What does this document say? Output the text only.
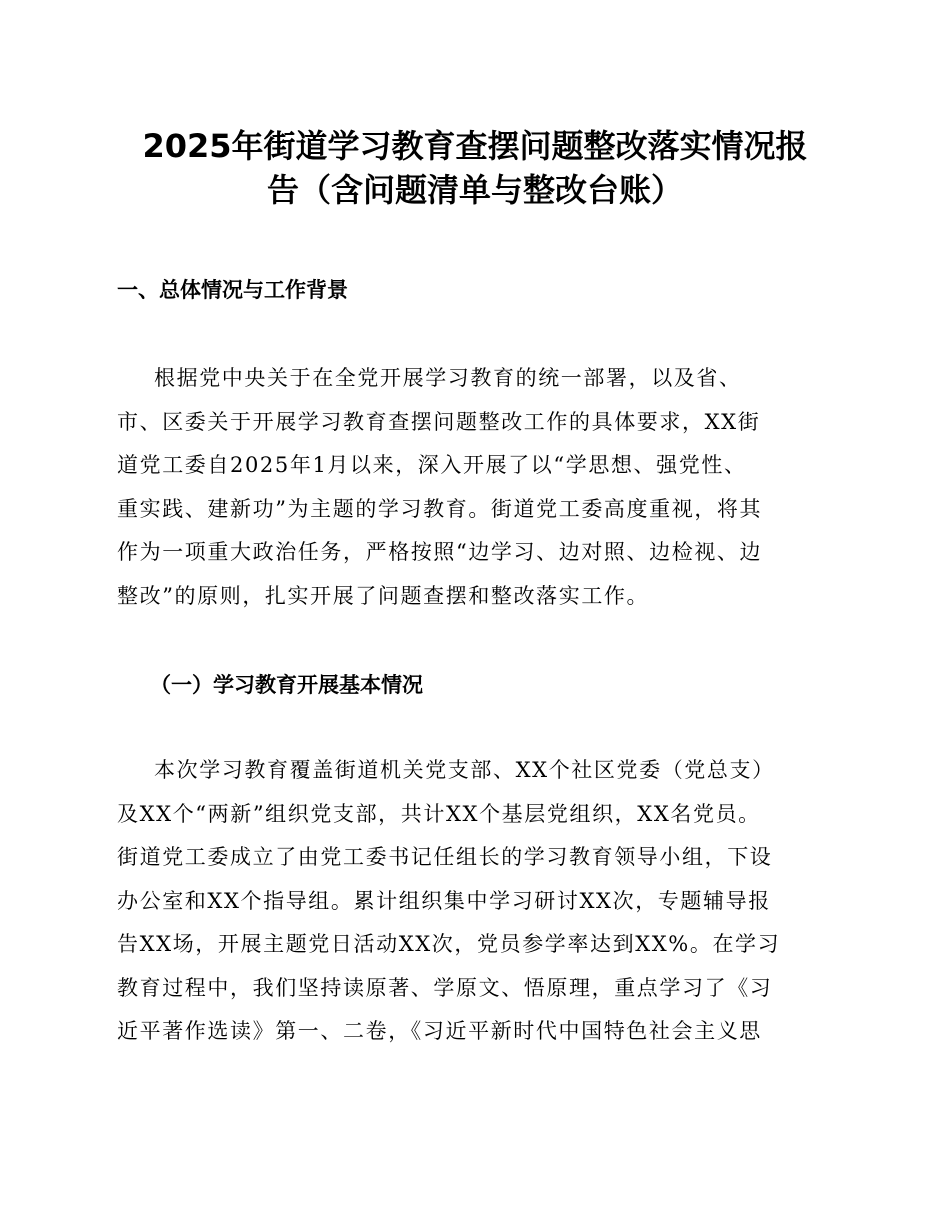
2025年街道学习教育查摆问题整改落实情况报
告（含问题清单与整改台账）
一、总体情况与工作背景

根据党中央关于在全党开展学习教育的统一部署，以及省、
市、区委关于开展学习教育查摆问题整改工作的具体要求，XX街
道党工委自2025年1月以来，深入开展了以“学思想、强党性、
重实践、建新功”为主题的学习教育。街道党工委高度重视，将其
作为一项重大政治任务，严格按照“边学习、边对照、边检视、边
整改”的原则，扎实开展了问题查摆和整改落实工作。

（一）学习教育开展基本情况

本次学习教育覆盖街道机关党支部、XX个社区党委（党总支）
及XX个“两新”组织党支部，共计XX个基层党组织，XX名党员。
街道党工委成立了由党工委书记任组长的学习教育领导小组，下设
办公室和XX个指导组。累计组织集中学习研讨XX次，专题辅导报
告XX场，开展主题党日活动XX次，党员参学率达到XX%。在学习
教育过程中，我们坚持读原著、学原文、悟原理，重点学习了《习
近平著作选读》第一、二卷，《习近平新时代中国特色社会主义思
